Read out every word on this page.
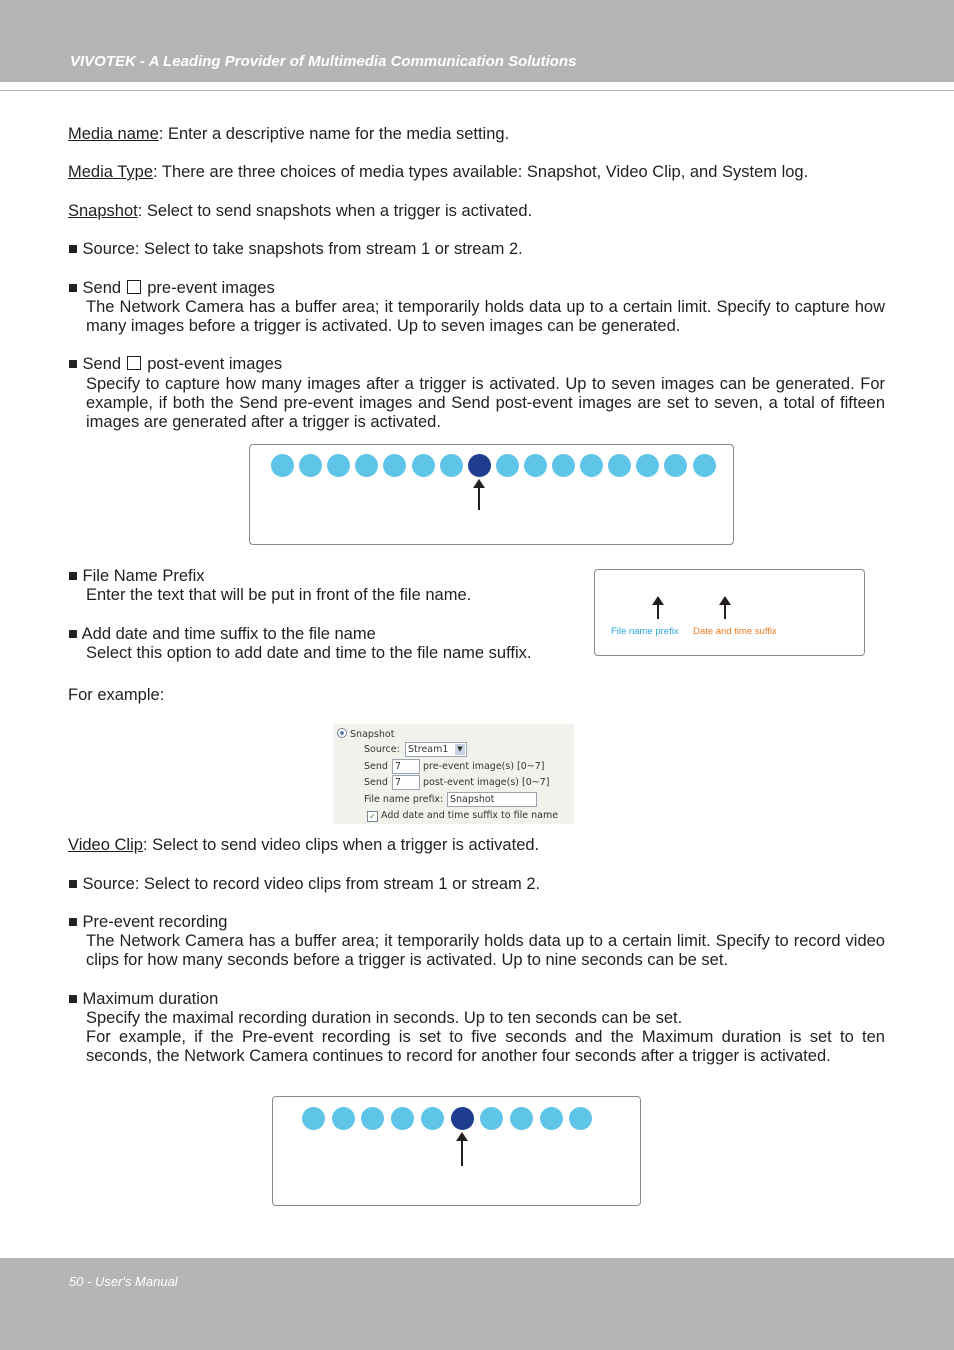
VIVOTEK - A Leading Provider of Multimedia Communication Solutions
Media name: Enter a descriptive name for the media setting.
Media Type: There are three choices of media types available: Snapshot, Video Clip, and System log.
Snapshot: Select to send snapshots when a trigger is activated.
■ Source: Select to take snapshots from stream 1 or stream 2.
■ Send  pre-event images
The Network Camera has a buffer area; it temporarily holds data up to a certain limit. Specify to capture how many images before a trigger is activated. Up to seven images can be generated.
■ Send  post-event images
Specify to capture how many images after a trigger is activated. Up to seven images can be generated. For example, if both the Send pre-event images and Send post-event images are set to seven, a total of fifteen images are generated after a trigger is activated.
■ File Name Prefix
Enter the text that will be put in front of the file name.
■ Add date and time suffix to the file name
Select this option to add date and time to the file name suffix.
File name prefix Date and time suffix
For example:
Snapshot
Source: Stream1	▼
Send 7	pre-event image(s) [0~7]
Send 7	post-event image(s) [0~7]
File name prefix: Snapshot
✓ Add date and time suffix to file name
Video Clip: Select to send video clips when a trigger is activated.
■ Source: Select to record video clips from stream 1 or stream 2.
■ Pre-event recording
The Network Camera has a buffer area; it temporarily holds data up to a certain limit. Specify to record video clips for how many seconds before a trigger is activated. Up to nine seconds can be set.
■ Maximum duration
Specify the maximal recording duration in seconds. Up to ten seconds can be set.
For example, if the Pre-event recording is set to five seconds and the Maximum duration is set to ten seconds, the Network Camera continues to record for another four seconds after a trigger is activated.
50 - User's Manual
